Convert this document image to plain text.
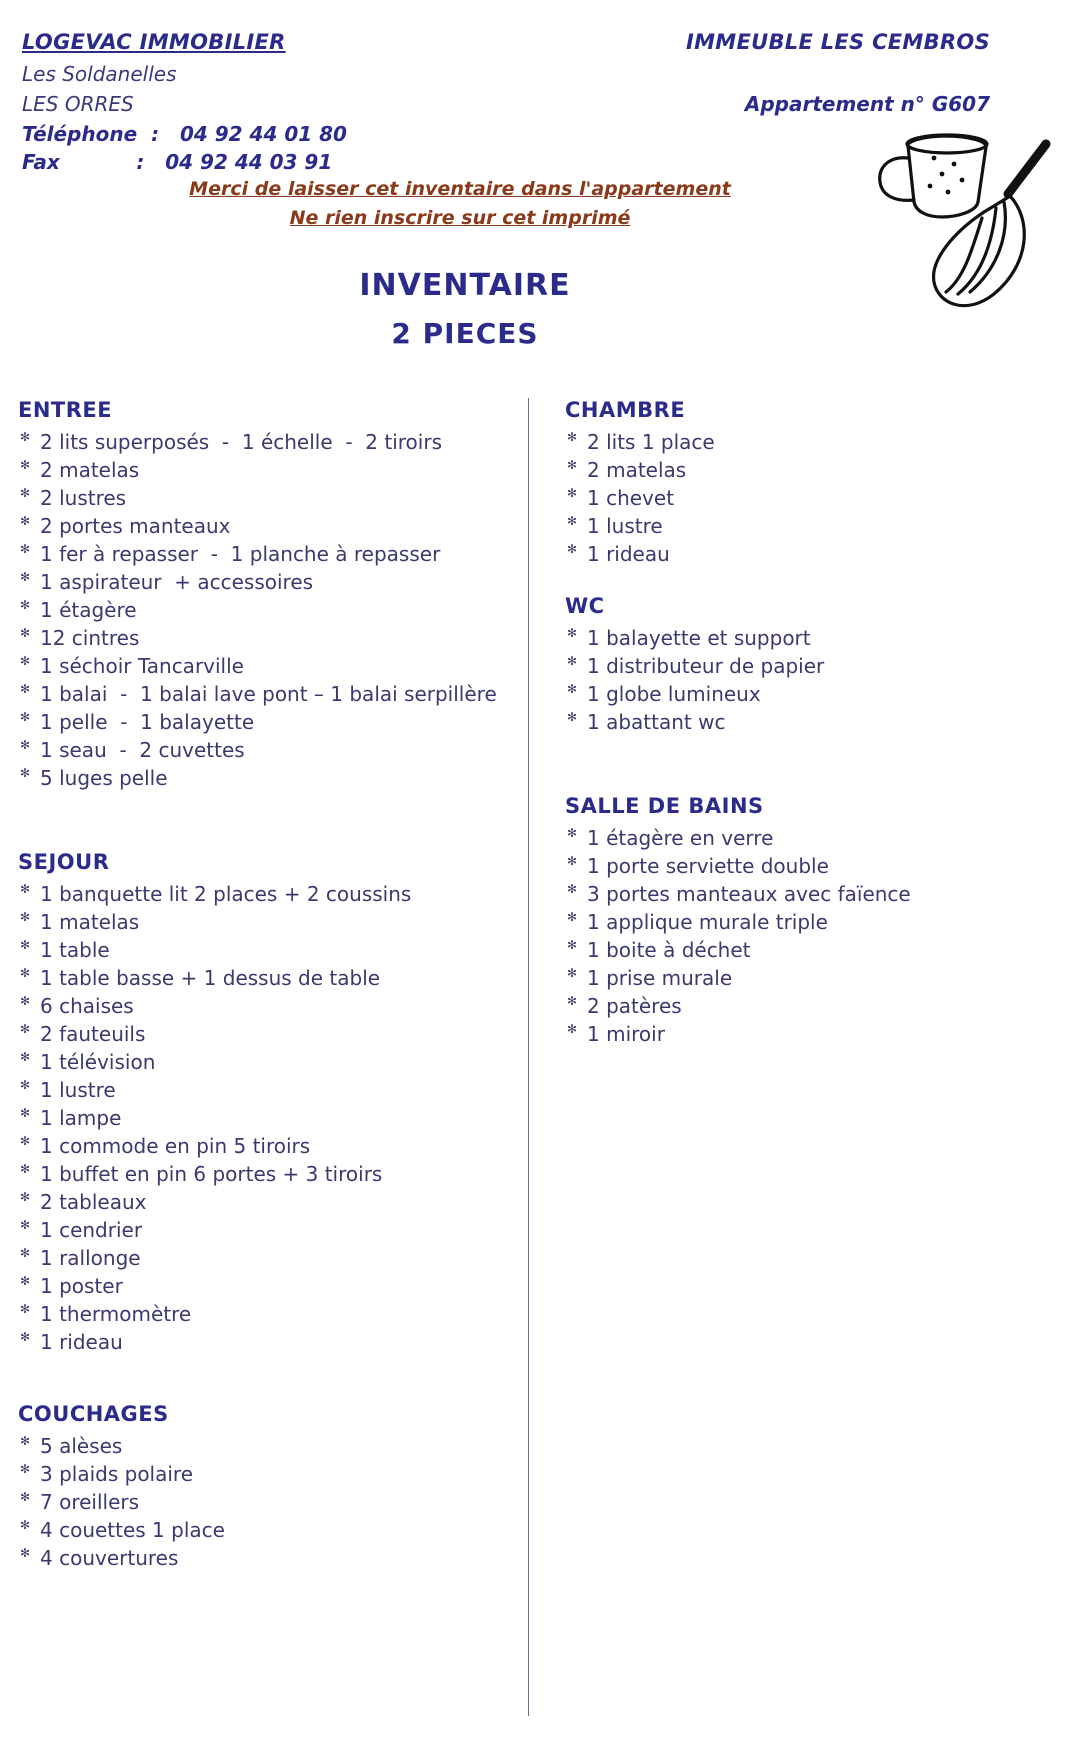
LOGEVAC IMMOBILIER
Les Soldanelles
LES ORRES
Téléphone  :   04 92 44 01 80
Fax           :   04 92 44 03 91
IMMEUBLE LES CEMBROS
Appartement n° G607
Merci de laisser cet inventaire dans l'appartement
Ne rien inscrire sur cet imprimé
INVENTAIRE
2 PIECES
ENTREE
✻ 2 lits superposés  -  1 échelle  -  2 tiroirs
✻ 2 matelas
✻ 2 lustres
✻ 2 portes manteaux
✻ 1 fer à repasser  -  1 planche à repasser
✻ 1 aspirateur  + accessoires
✻ 1 étagère
✻ 12 cintres
✻ 1 séchoir Tancarville
✻ 1 balai  -  1 balai lave pont – 1 balai serpillère
✻ 1 pelle  -  1 balayette
✻ 1 seau  -  2 cuvettes
✻ 5 luges pelle
SEJOUR
✻ 1 banquette lit 2 places + 2 coussins
✻ 1 matelas
✻ 1 table
✻ 1 table basse + 1 dessus de table
✻ 6 chaises
✻ 2 fauteuils
✻ 1 télévision
✻ 1 lustre
✻ 1 lampe
✻ 1 commode en pin 5 tiroirs
✻ 1 buffet en pin 6 portes + 3 tiroirs
✻ 2 tableaux
✻ 1 cendrier
✻ 1 rallonge
✻ 1 poster
✻ 1 thermomètre
✻ 1 rideau
COUCHAGES
✻ 5 alèses
✻ 3 plaids polaire
✻ 7 oreillers
✻ 4 couettes 1 place
✻ 4 couvertures
CHAMBRE
✻ 2 lits 1 place
✻ 2 matelas
✻ 1 chevet
✻ 1 lustre
✻ 1 rideau
WC
✻ 1 balayette et support
✻ 1 distributeur de papier
✻ 1 globe lumineux
✻ 1 abattant wc
SALLE DE BAINS
✻ 1 étagère en verre
✻ 1 porte serviette double
✻ 3 portes manteaux avec faïence
✻ 1 applique murale triple
✻ 1 boite à déchet
✻ 1 prise murale
✻ 2 patères
✻ 1 miroir
